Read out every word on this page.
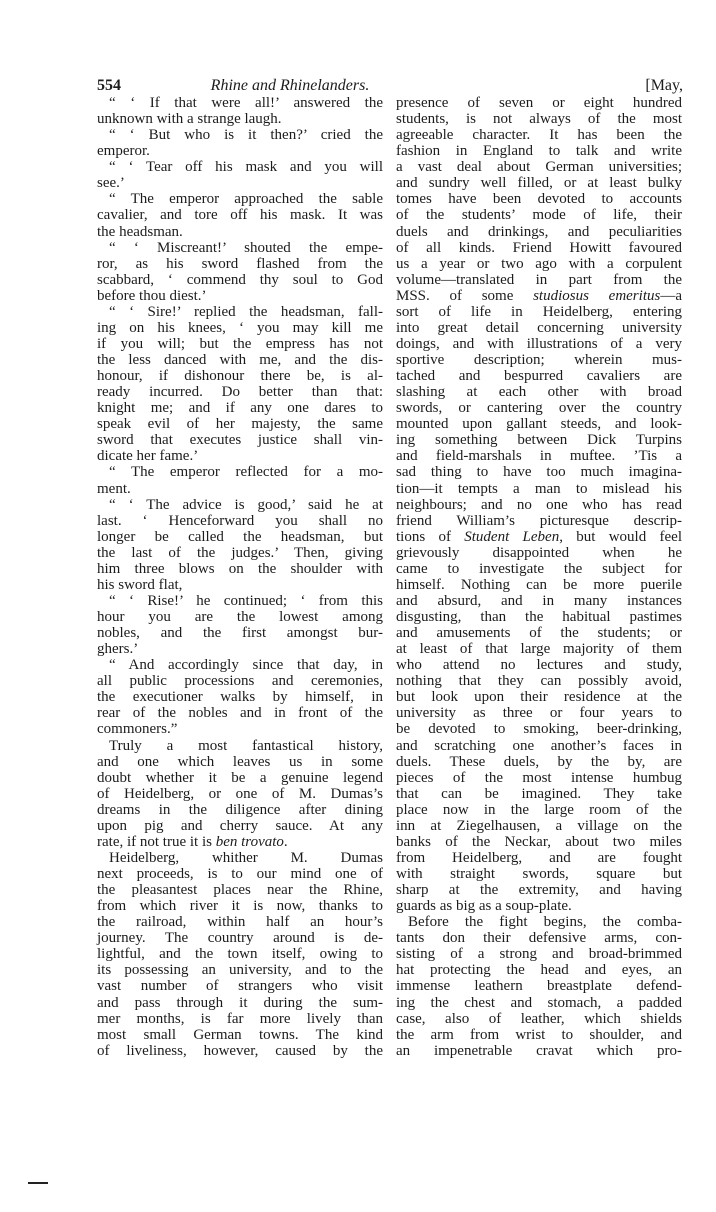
554	Rhine and Rhinelanders.	[May,
“ ‘ If that were all!’ answered the
unknown with a strange laugh.
“ ‘ But who is it then?’ cried the
emperor.
“ ‘ Tear off his mask and you will
see.’
“ The emperor approached the sable
cavalier, and tore off his mask. It was
the headsman.
“ ‘ Miscreant!’ shouted the empe-
ror, as his sword flashed from the
scabbard, ‘ commend thy soul to God
before thou diest.’
“ ‘ Sire!’ replied the headsman, fall-
ing on his knees, ‘ you may kill me
if you will; but the empress has not
the less danced with me, and the dis-
honour, if dishonour there be, is al-
ready incurred. Do better than that:
knight me; and if any one dares to
speak evil of her majesty, the same
sword that executes justice shall vin-
dicate her fame.’
“ The emperor reflected for a mo-
ment.
“ ‘ The advice is good,’ said he at
last. ‘ Henceforward you shall no
longer be called the headsman, but
the last of the judges.’ Then, giving
him three blows on the shoulder with
his sword flat,
“ ‘ Rise!’ he continued; ‘ from this
hour you are the lowest among
nobles, and the first amongst bur-
ghers.’
“ And accordingly since that day, in
all public processions and ceremonies,
the executioner walks by himself, in
rear of the nobles and in front of the
commoners.”
Truly a most fantastical history,
and one which leaves us in some
doubt whether it be a genuine legend
of Heidelberg, or one of M. Dumas’s
dreams in the diligence after dining
upon pig and cherry sauce. At any
rate, if not true it is ben trovato.
Heidelberg, whither M. Dumas
next proceeds, is to our mind one of
the pleasantest places near the Rhine,
from which river it is now, thanks to
the railroad, within half an hour’s
journey. The country around is de-
lightful, and the town itself, owing to
its possessing an university, and to the
vast number of strangers who visit
and pass through it during the sum-
mer months, is far more lively than
most small German towns. The kind
of liveliness, however, caused by the
presence of seven or eight hundred
students, is not always of the most
agreeable character. It has been the
fashion in England to talk and write
a vast deal about German universities;
and sundry well filled, or at least bulky
tomes have been devoted to accounts
of the students’ mode of life, their
duels and drinkings, and peculiarities
of all kinds. Friend Howitt favoured
us a year or two ago with a corpulent
volume—translated in part from the
MSS. of some studiosus emeritus—a
sort of life in Heidelberg, entering
into great detail concerning university
doings, and with illustrations of a very
sportive description; wherein mus-
tached and bespurred cavaliers are
slashing at each other with broad
swords, or cantering over the country
mounted upon gallant steeds, and look-
ing something between Dick Turpins
and field-marshals in muftee. ’Tis a
sad thing to have too much imagina-
tion—it tempts a man to mislead his
neighbours; and no one who has read
friend William’s picturesque descrip-
tions of Student Leben, but would feel
grievously disappointed when he
came to investigate the subject for
himself. Nothing can be more puerile
and absurd, and in many instances
disgusting, than the habitual pastimes
and amusements of the students; or
at least of that large majority of them
who attend no lectures and study,
nothing that they can possibly avoid,
but look upon their residence at the
university as three or four years to
be devoted to smoking, beer-drinking,
and scratching one another’s faces in
duels. These duels, by the by, are
pieces of the most intense humbug
that can be imagined. They take
place now in the large room of the
inn at Ziegelhausen, a village on the
banks of the Neckar, about two miles
from Heidelberg, and are fought
with straight swords, square but
sharp at the extremity, and having
guards as big as a soup-plate.
Before the fight begins, the comba-
tants don their defensive arms, con-
sisting of a strong and broad-brimmed
hat protecting the head and eyes, an
immense leathern breastplate defend-
ing the chest and stomach, a padded
case, also of leather, which shields
the arm from wrist to shoulder, and
an impenetrable cravat which pro-
